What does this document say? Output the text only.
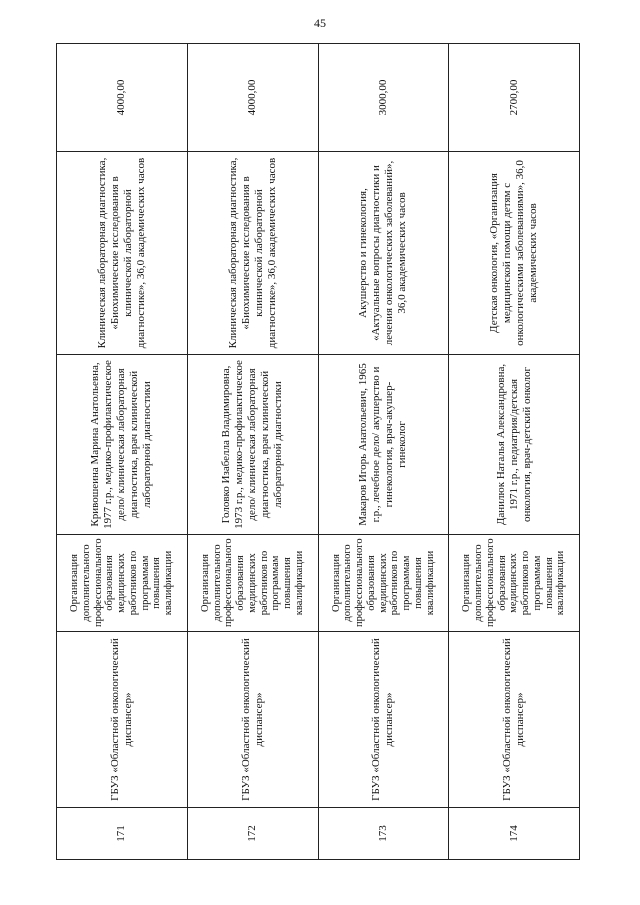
45
171	ГБУЗ «Областной онкологический диспансер»	Организация дополнительного профессионального образования медицинских работников по программам повышения квалификации	Кривошеина Марина Анатольевна, 1977 г.р., медико-профилактическое дело/ клиническая лабораторная диагностика, врач клинической лабораторной диагностики	Клиническая лабораторная диагностика, «Биохимические исследования в клинической лабораторной диагностике», 36,0 академических часов	4000,00
172	ГБУЗ «Областной онкологический диспансер»	Организация дополнительного профессионального образования медицинских работников по программам повышения квалификации	Головко Изабелла Владимировна, 1973 г.р., медико-профилактическое дело/ клиническая лабораторная диагностика, врач клинической лабораторной диагностики	Клиническая лабораторная диагностика, «Биохимические исследования в клинической лабораторной диагностике», 36,0 академических часов	4000,00
173	ГБУЗ «Областной онкологический диспансер»	Организация дополнительного профессионального образования медицинских работников по программам повышения квалификации	Макаров Игорь Анатольевич, 1965 г.р., лечебное дело/ акушерство и гинекология, врач-акушер-гинеколог	Акушерство и гинекология, «Актуальные вопросы диагностики и лечения онкологических заболеваний», 36,0 академических часов	3000,00
174	ГБУЗ «Областной онкологический диспансер»	Организация дополнительного профессионального образования медицинских работников по программам повышения квалификации	Данилюк Наталья Александровна, 1971 г.р., педиатрия/детская онкология, врач-детский онколог	Детская онкология, «Организация медицинской помощи детям с онкологическими заболеваниями», 36,0 академических часов	2700,00
